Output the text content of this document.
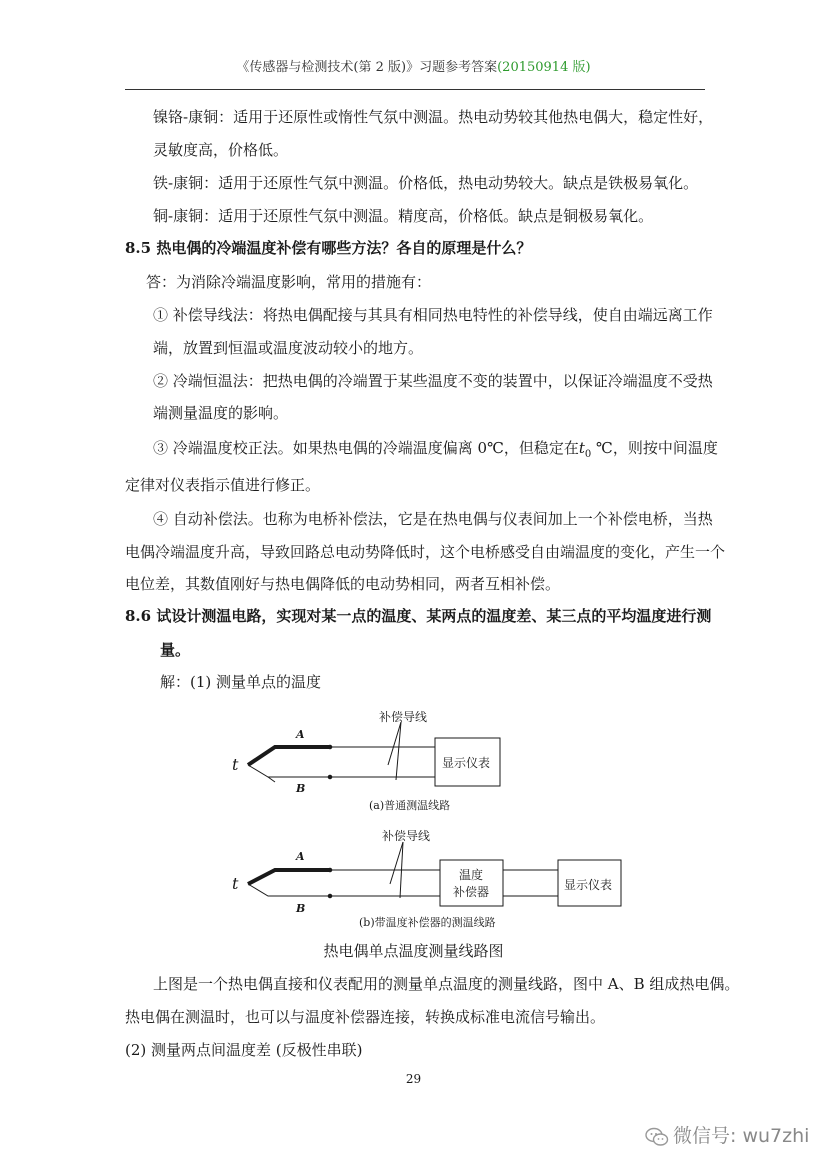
《传感器与检测技术(第 2 版)》习题参考答案(20150914 版)
镍铬-康铜：适用于还原性或惰性气氛中测温。热电动势较其他热电偶大，稳定性好，
灵敏度高，价格低。
铁-康铜：适用于还原性气氛中测温。价格低，热电动势较大。缺点是铁极易氧化。
铜-康铜：适用于还原性气氛中测温。精度高，价格低。缺点是铜极易氧化。
8.5 热电偶的冷端温度补偿有哪些方法？各自的原理是什么？
答：为消除冷端温度影响，常用的措施有：
① 补偿导线法：将热电偶配接与其具有相同热电特性的补偿导线，使自由端远离工作
端，放置到恒温或温度波动较小的地方。
② 冷端恒温法：把热电偶的冷端置于某些温度不变的装置中，以保证冷端温度不受热
端测量温度的影响。
③ 冷端温度校正法。如果热电偶的冷端温度偏离 0℃，但稳定在$t_0$ ℃，则按中间温度
定律对仪表指示值进行修正。
④ 自动补偿法。也称为电桥补偿法，它是在热电偶与仪表间加上一个补偿电桥，当热
电偶冷端温度升高，导致回路总电动势降低时，这个电桥感受自由端温度的变化，产生一个
电位差，其数值刚好与热电偶降低的电动势相同，两者互相补偿。
8.6 试设计测温电路，实现对某一点的温度、某两点的温度差、某三点的平均温度进行测
量。
解：(1) 测量单点的温度
补偿导线
A
B
t	显示仪表
(a)普通测温线路
补偿导线
A
B
t	温度
补偿器	显示仪表
(b)带温度补偿器的测温线路
热电偶单点温度测量线路图
上图是一个热电偶直接和仪表配用的测量单点温度的测量线路，图中 A、B 组成热电偶。
热电偶在测温时，也可以与温度补偿器连接，转换成标准电流信号输出。
(2) 测量两点间温度差 (反极性串联)
29
微信号: wu7zhi
